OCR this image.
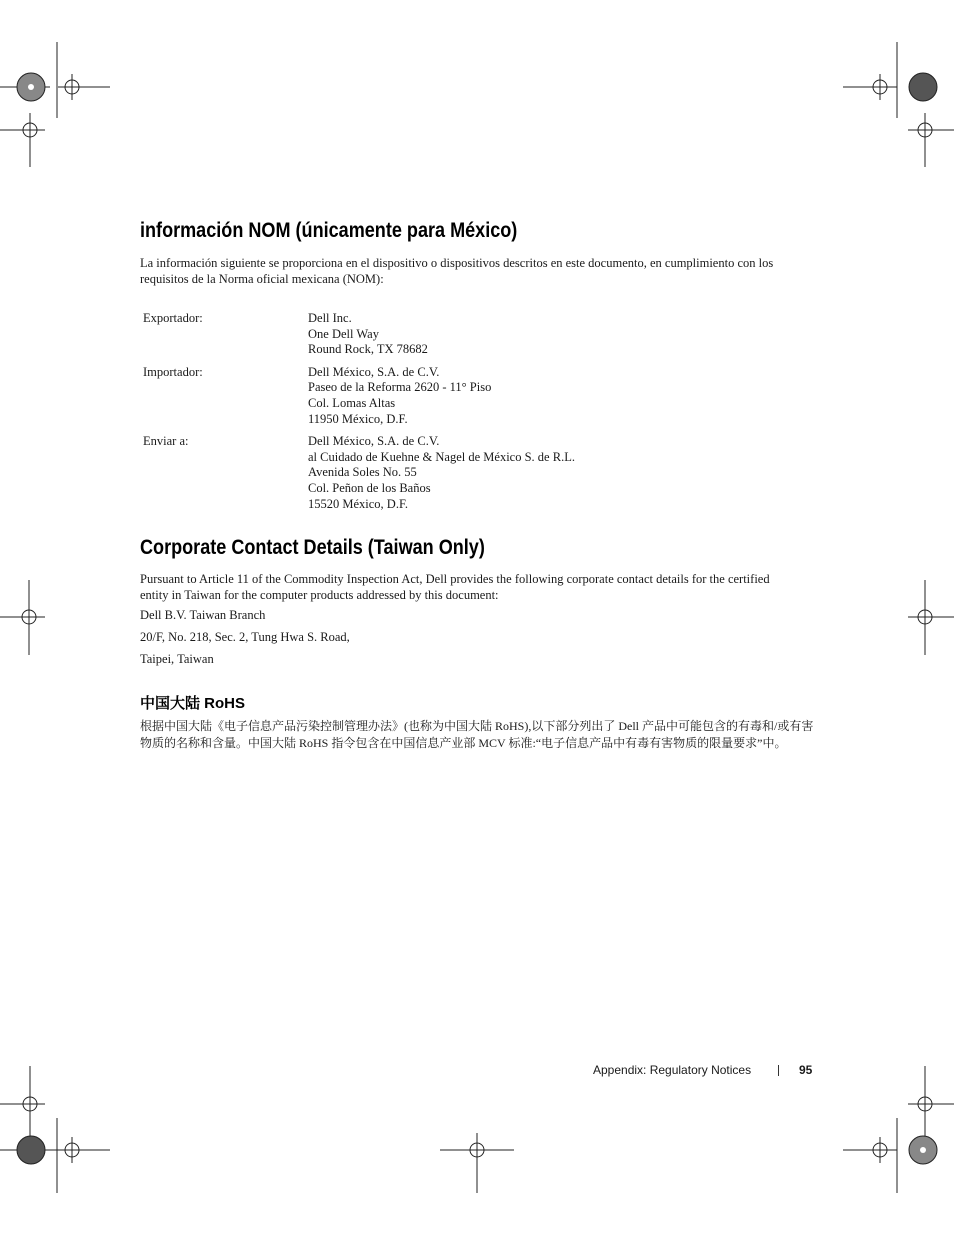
información NOM (únicamente para México)

La información siguiente se proporciona en el dispositivo o dispositivos descritos en este documento, en cumplimiento con los requisitos de la Norma oficial mexicana (NOM):

Exportador:	Dell Inc.
One Dell Way
Round Rock, TX 78682

Importador:	Dell México, S.A. de C.V.
Paseo de la Reforma 2620 - 11° Piso
Col. Lomas Altas
11950 México, D.F.

Enviar a:	Dell México, S.A. de C.V.
al Cuidado de Kuehne & Nagel de México S. de R.L.
Avenida Soles No. 55
Col. Peñon de los Baños
15520 México, D.F.
Corporate Contact Details (Taiwan Only)

Pursuant to Article 11 of the Commodity Inspection Act, Dell provides the following corporate contact details for the certified entity in Taiwan for the computer products addressed by this document:

Dell B.V. Taiwan Branch
20/F, No. 218, Sec. 2, Tung Hwa S. Road,
Taipei, Taiwan
中国大陆 RoHS

根据中国大陆《电子信息产品污染控制管理办法》(也称为中国大陆 RoHS),以下部分列出了 Dell 产品中可能包含的有毒和/或有害物质的名称和含量。中国大陆 RoHS 指令包含在中国信息产业部 MCV 标准:“电子信息产品中有毒有害物质的限量要求”中。

Appendix: Regulatory Notices	95
